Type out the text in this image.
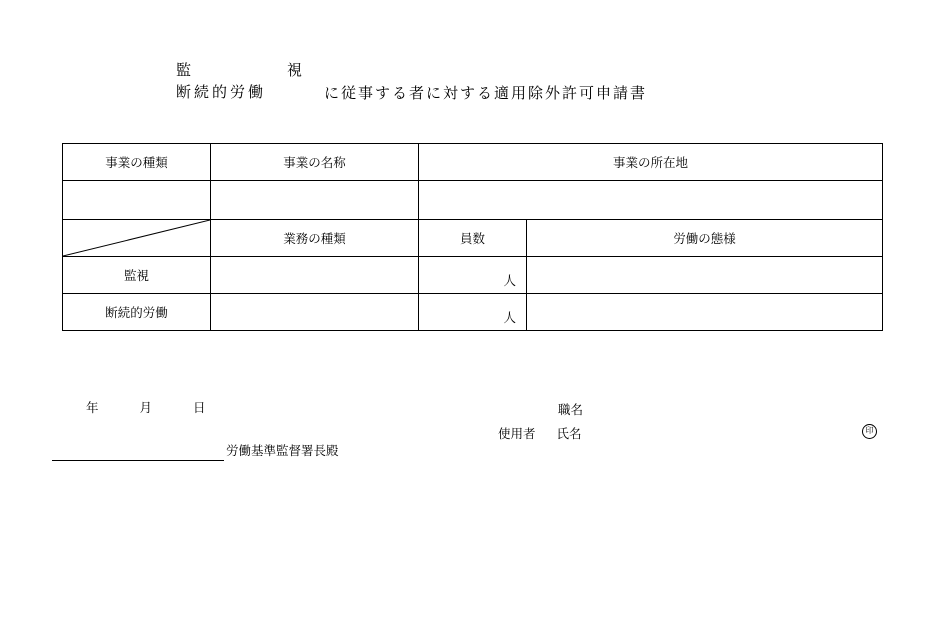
監　　視
断続的労働	に従事する者に対する適用除外許可申請書
事業の種類	事業の名称	事業の所在地	

	業務の種類	員数	労働の態様
監視		人	

断続的労働		人	

年	月	日	職名
使用者 氏名	印
労働基準監督署長殿
